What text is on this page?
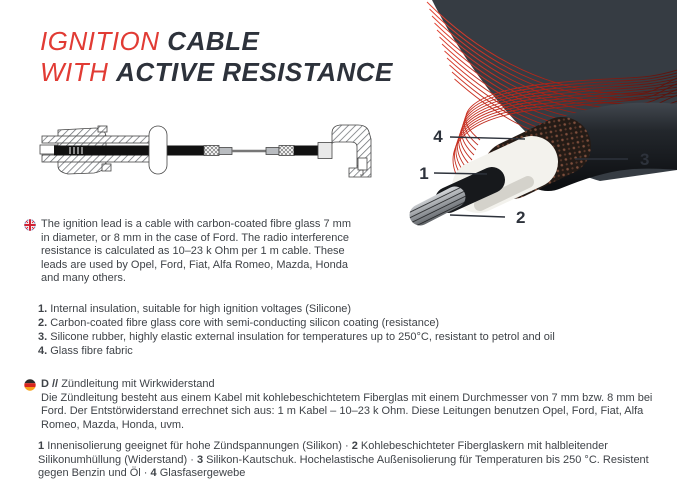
4
1
3
2
IGNITION CABLE
WITH ACTIVE RESISTANCE

The ignition lead is a cable with carbon-coated fibre glass 7 mm in diameter, or 8 mm in the case of Ford. The radio interference resistance is calculated as 10–23 k Ohm per 1 m cable. These leads are used by Opel, Ford, Fiat, Alfa Romeo, Mazda, Honda and many others.

1. Internal insulation, suitable for high ignition voltages (Silicone)
2. Carbon-coated fibre glass core with semi-conducting silicon coating (resistance)
3. Silicone rubber, highly elastic external insulation for temperatures up to 250°C, resistant to petrol and oil
4. Glass fibre fabric
D // Zündleitung mit Wirkwiderstand

Die Zündleitung besteht aus einem Kabel mit kohlebeschichtetem Fiberglas mit einem Durchmesser von 7 mm bzw. 8 mm bei Ford. Der Entstörwiderstand errechnet sich aus: 1 m Kabel – 10–23 k Ohm. Diese Leitungen benutzen Opel, Ford, Fiat, Alfa Romeo, Mazda, Honda, uvm.

1 Innenisolierung geeignet für hohe Zündspannungen (Silikon) · 2 Kohlebeschichteter Fiberglaskern mit halbleitender Silikonumhüllung (Widerstand) · 3 Silikon-Kautschuk. Hochelastische Außenisolierung für Temperaturen bis 250 °C. Resistent gegen Benzin und Öl · 4 Glasfasergewebe
